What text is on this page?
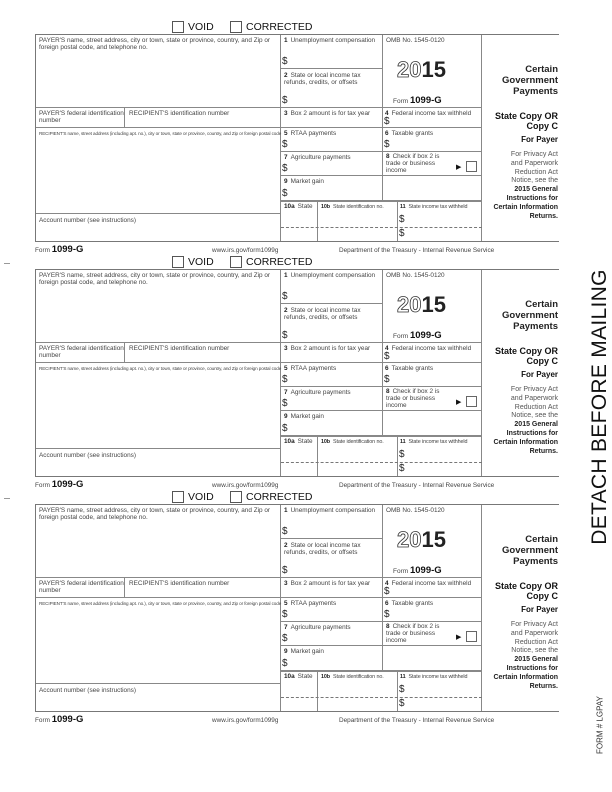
VOID	CORRECTED
PAYER'S name, street address, city or town, state or province, country, and Zip or foreign postal code, and telephone no.
PAYER'S federal identification number
RECIPIENT'S identification number
RECIPIENT'S name, street address (including apt. no.), city or town, state or province, country, and Zip or foreign postal code
Account number (see instructions)
1 Unemployment compensation
$
2 State or local income tax refunds, credits, or offsets
$
3 Box 2 amount is for tax year
5 RTAA payments
$
7 Agriculture payments
$
9 Market gain
$
OMB No. 1545-0120
2015
Form 1099-G
4 Federal income tax withheld
$
6 Taxable grants
$
8 Check if box 2 is trade or business income	▶
10a State 10b State identification no.	11 State income tax withheld
$
$
Certain
Government
Payments
State Copy OR
Copy C
For Payer
For Privacy Act
and Paperwork
Reduction Act
Notice, see the
2015 General
Instructions for
Certain Information
Returns.
Form 1099-G	www.irs.gov/form1099g	Department of the Treasury - Internal Revenue Service
VOID	CORRECTED
PAYER'S name, street address, city or town, state or province, country, and Zip or foreign postal code, and telephone no.
PAYER'S federal identification number
RECIPIENT'S identification number
RECIPIENT'S name, street address (including apt. no.), city or town, state or province, country, and Zip or foreign postal code
Account number (see instructions)
1 Unemployment compensation
$
2 State or local income tax refunds, credits, or offsets
$
3 Box 2 amount is for tax year
5 RTAA payments
$
7 Agriculture payments
$
9 Market gain
$
OMB No. 1545-0120
2015
Form 1099-G
4 Federal income tax withheld
$
6 Taxable grants
$
8 Check if box 2 is trade or business income	▶
10a State 10b State identification no.	11 State income tax withheld
$
$
Certain
Government
Payments
State Copy OR
Copy C
For Payer
For Privacy Act
and Paperwork
Reduction Act
Notice, see the
2015 General
Instructions for
Certain Information
Returns.
Form 1099-G	www.irs.gov/form1099g	Department of the Treasury - Internal Revenue Service
VOID	CORRECTED
PAYER'S name, street address, city or town, state or province, country, and Zip or foreign postal code, and telephone no.
PAYER'S federal identification number
RECIPIENT'S identification number
RECIPIENT'S name, street address (including apt. no.), city or town, state or province, country, and Zip or foreign postal code
Account number (see instructions)
1 Unemployment compensation
$
2 State or local income tax refunds, credits, or offsets
$
3 Box 2 amount is for tax year
5 RTAA payments
$
7 Agriculture payments
$
9 Market gain
$
OMB No. 1545-0120
2015
Form 1099-G
4 Federal income tax withheld
$
6 Taxable grants
$
8 Check if box 2 is trade or business income	▶
10a State 10b State identification no.	11 State income tax withheld
$
$
Certain
Government
Payments
State Copy OR
Copy C
For Payer
For Privacy Act
and Paperwork
Reduction Act
Notice, see the
2015 General
Instructions for
Certain Information
Returns.
Form 1099-G	www.irs.gov/form1099g	Department of the Treasury - Internal Revenue Service
DETACH BEFORE MAILING
FORM # LGPAY
